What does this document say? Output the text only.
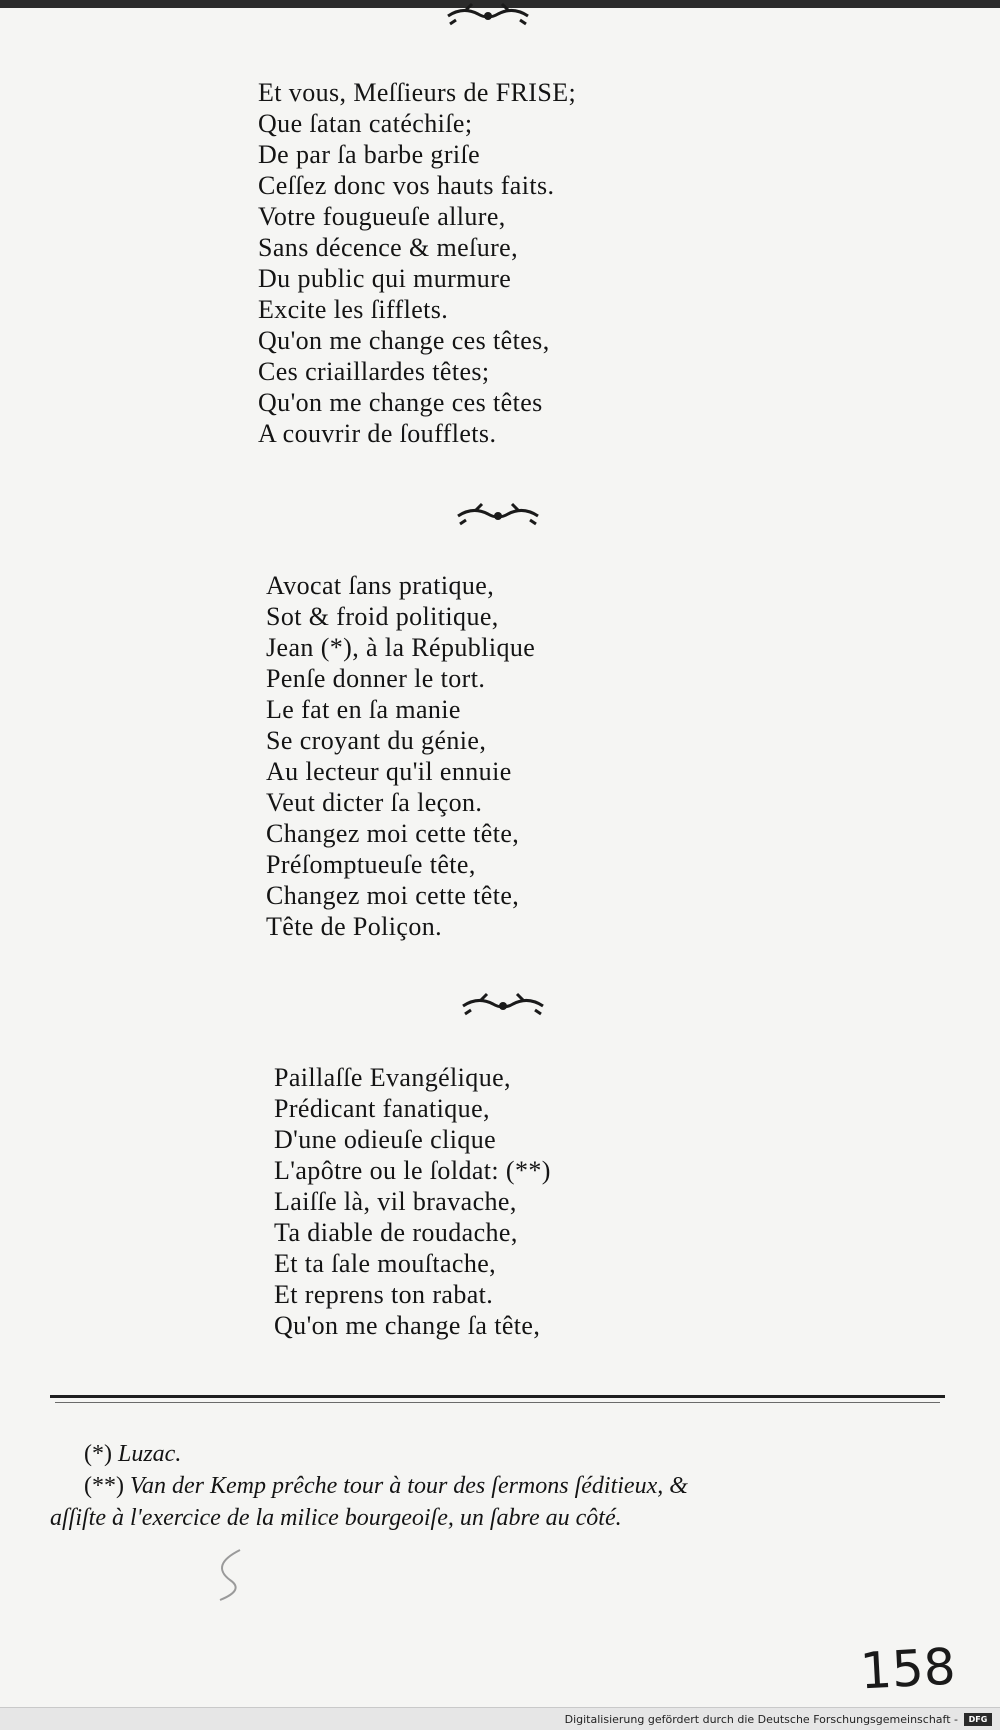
Et vous, Meſſieurs de FRISE;
Que ſatan catéchiſe;
De par ſa barbe griſe
Ceſſez donc vos hauts faits.
Votre fougueuſe allure,
Sans décence & meſure,
Du public qui murmure
Excite les ſifflets.
Qu'on me change ces têtes,
Ces criaillardes têtes;
Qu'on me change ces têtes
A couvrir de ſoufflets.
Avocat ſans pratique,
Sot & froid politique,
Jean (*), à la République
Penſe donner le tort.
Le fat en ſa manie
Se croyant du génie,
Au lecteur qu'il ennuie
Veut dicter ſa leçon.
Changez moi cette tête,
Préſomptueuſe tête,
Changez moi cette tête,
Tête de Poliçon.
Paillaſſe Evangélique,
Prédicant fanatique,
D'une odieuſe clique
L'apôtre ou le ſoldat: (**)
Laiſſe là, vil bravache,
Ta diable de roudache,
Et ta ſale mouſtache,
Et reprens ton rabat.
Qu'on me change ſa tête,
(*) Luzac.
(**) Van der Kemp prêche tour à tour des ſermons ſéditieux, &
aſſiſte à l'exercice de la milice bourgeoiſe, un ſabre au côté.
158
Digitalisierung gefördert durch die Deutsche Forschungsgemeinschaft -	DFG
